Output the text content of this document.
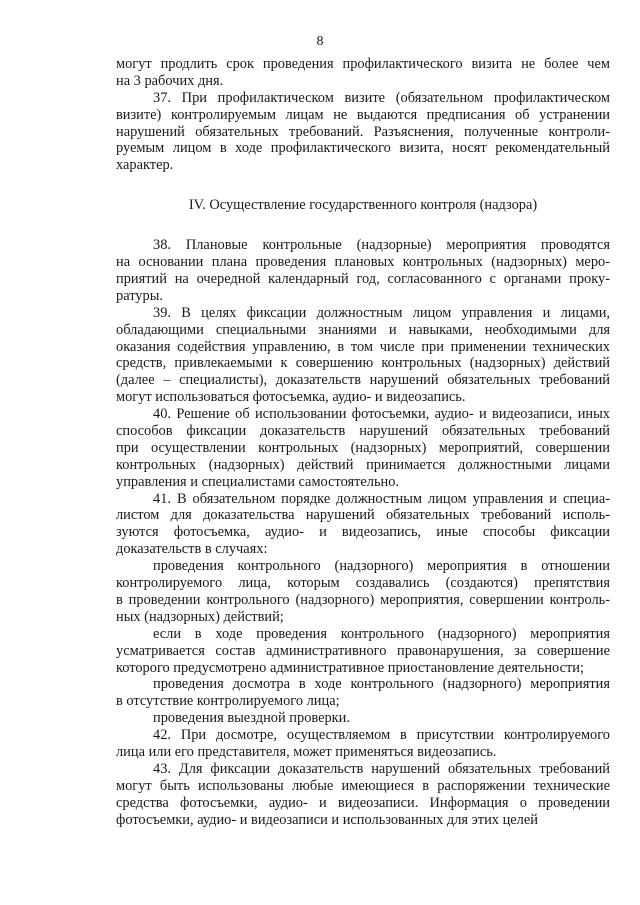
8
могут продлить срок проведения профилактического визита не более чем
на 3 рабочих дня.
37. При профилактическом визите (обязательном профилактическом
визите) контролируемым лицам не выдаются предписания об устранении
нарушений обязательных требований. Разъяснения, полученные контроли-
руемым лицом в ходе профилактического визита, носят рекомендательный
характер.
IV. Осуществление государственного контроля (надзора)
38. Плановые контрольные (надзорные) мероприятия проводятся
на основании плана проведения плановых контрольных (надзорных) меро-
приятий на очередной календарный год, согласованного с органами проку-
ратуры.
39. В целях фиксации должностным лицом управления и лицами,
обладающими специальными знаниями и навыками, необходимыми для
оказания содействия управлению, в том числе при применении технических
средств, привлекаемыми к совершению контрольных (надзорных) действий
(далее – специалисты), доказательств нарушений обязательных требований
могут использоваться фотосъемка, аудио- и видеозапись.
40. Решение об использовании фотосъемки, аудио- и видеозаписи, иных
способов фиксации доказательств нарушений обязательных требований
при осуществлении контрольных (надзорных) мероприятий, совершении
контрольных (надзорных) действий принимается должностными лицами
управления и специалистами самостоятельно.
41. В обязательном порядке должностным лицом управления и специа-
листом для доказательства нарушений обязательных требований исполь-
зуются фотосъемка, аудио- и видеозапись, иные способы фиксации
доказательств в случаях:
проведения контрольного (надзорного) мероприятия в отношении
контролируемого лица, которым создавались (создаются) препятствия
в проведении контрольного (надзорного) мероприятия, совершении контроль-
ных (надзорных) действий;
если в ходе проведения контрольного (надзорного) мероприятия
усматривается состав административного правонарушения, за совершение
которого предусмотрено административное приостановление деятельности;
проведения досмотра в ходе контрольного (надзорного) мероприятия
в отсутствие контролируемого лица;
проведения выездной проверки.
42. При досмотре, осуществляемом в присутствии контролируемого
лица или его представителя, может применяться видеозапись.
43. Для фиксации доказательств нарушений обязательных требований
могут быть использованы любые имеющиеся в распоряжении технические
средства фотосъемки, аудио- и видеозаписи. Информация о проведении
фотосъемки, аудио- и видеозаписи и использованных для этих целей
